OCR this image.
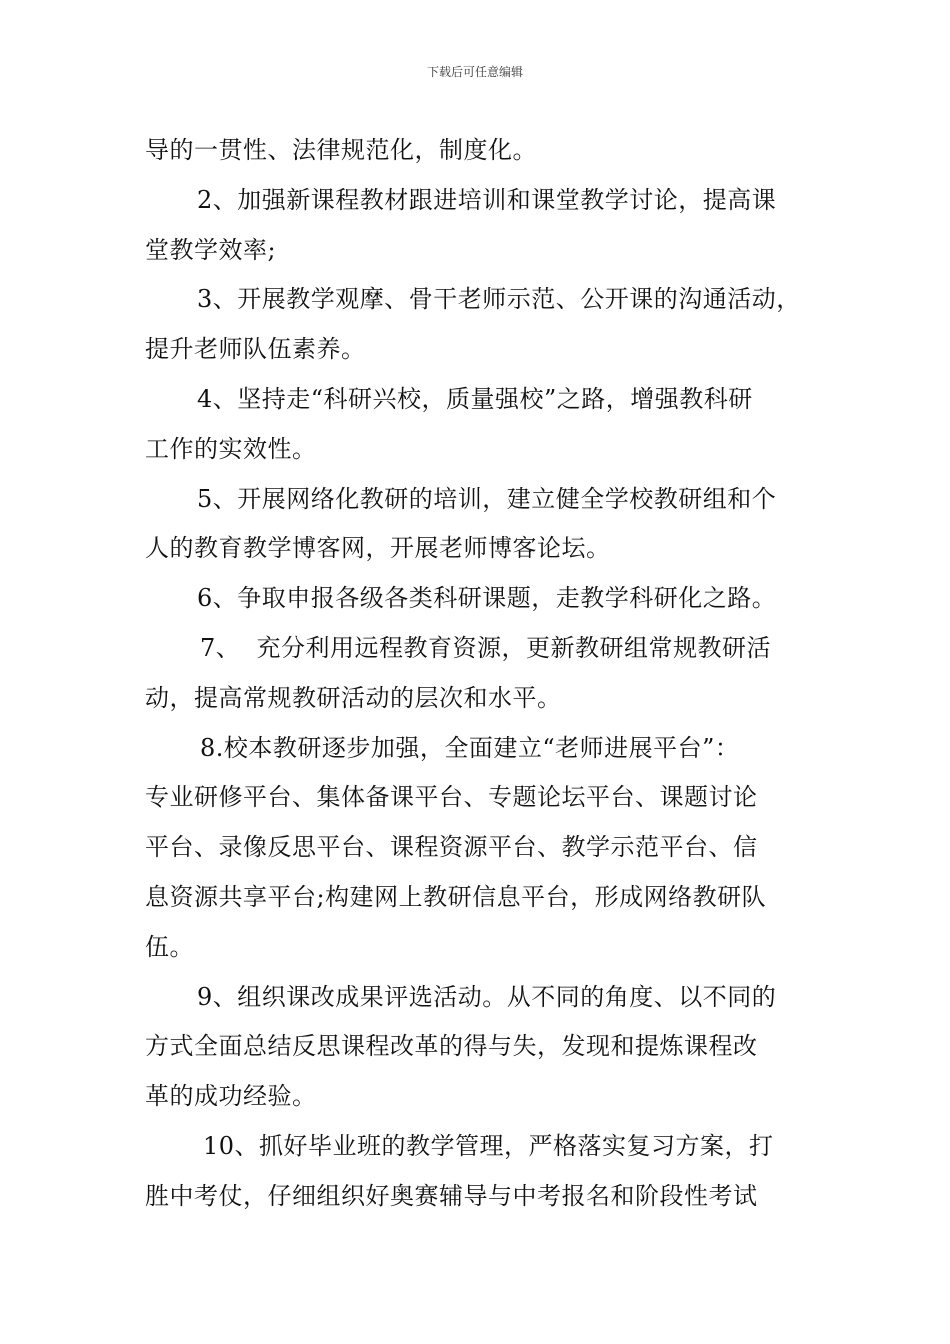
下载后可任意编辑
导的一贯性、法律规范化，制度化。
2、加强新课程教材跟进培训和课堂教学讨论，提高课
堂教学效率;
3、开展教学观摩、骨干老师示范、公开课的沟通活动，
提升老师队伍素养。
4、坚持走“科研兴校，质量强校”之路，增强教科研
工作的实效性。
5、开展网络化教研的培训，建立健全学校教研组和个
人的教育教学博客网，开展老师博客论坛。
6、争取申报各级各类科研课题，走教学科研化之路。
7、  充分利用远程教育资源，更新教研组常规教研活
动，提高常规教研活动的层次和水平。
8.校本教研逐步加强，全面建立“老师进展平台”：
专业研修平台、集体备课平台、专题论坛平台、课题讨论
平台、录像反思平台、课程资源平台、教学示范平台、信
息资源共享平台;构建网上教研信息平台，形成网络教研队
伍。
9、组织课改成果评选活动。从不同的角度、以不同的
方式全面总结反思课程改革的得与失，发现和提炼课程改
革的成功经验。
10、抓好毕业班的教学管理，严格落实复习方案，打
胜中考仗，仔细组织好奥赛辅导与中考报名和阶段性考试
